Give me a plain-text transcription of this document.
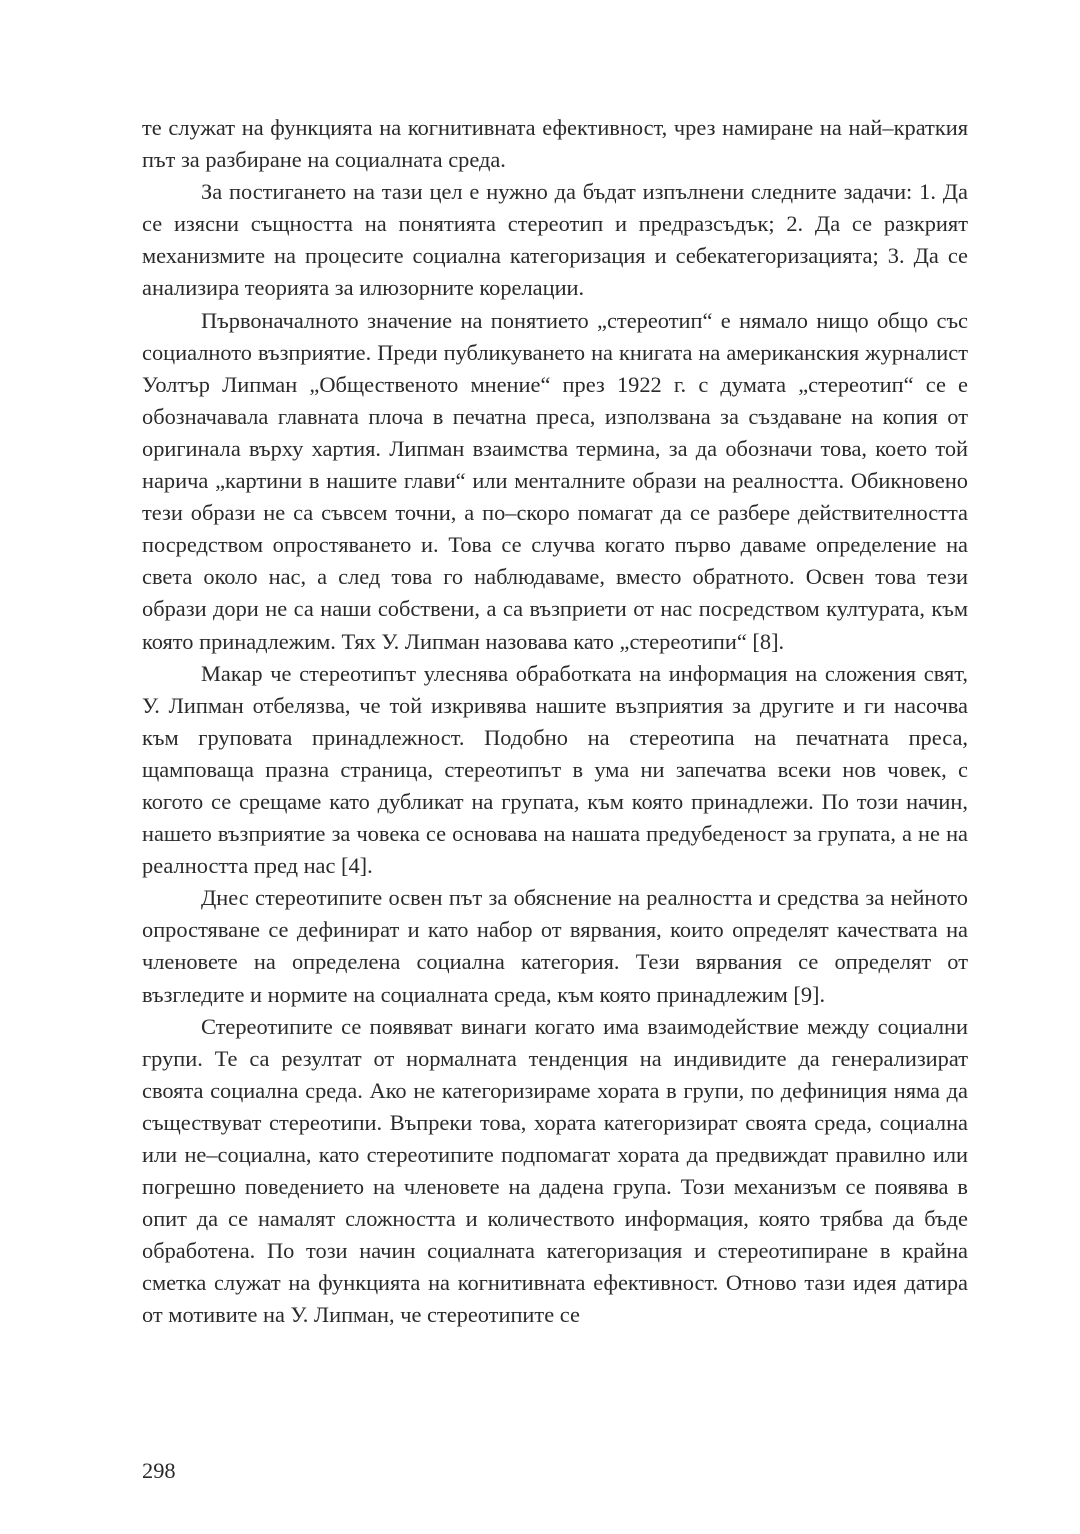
те служат на функцията на когнитивната ефективност, чрез намиране на най–краткия път за разбиране на социалната среда.

За постигането на тази цел е нужно да бъдат изпълнени следните задачи: 1. Да се изясни същността на понятията стереотип и предразсъдък; 2. Да се разкрият механизмите на процесите социална категоризация и себекатегоризацията; 3. Да се анализира теорията за илюзорните корелации.

Първоначалното значение на понятието „стереотип“ е нямало нищо общо със социалното възприятие. Преди публикуването на книгата на американския журналист Уолтър Липман „Общественото мнение“ през 1922 г. с думата „стереотип“ се е обозначавала главната плоча в печатна преса, използвана за създаване на копия от оригинала върху хартия. Липман взаимства термина, за да обозначи това, което той нарича „картини в нашите глави“ или менталните образи на реалността. Обикновено тези образи не са съвсем точни, а по–скоро помагат да се разбере действителността посредством опростяването и. Това се случва когато първо даваме определение на света около нас, а след това го наблюдаваме, вместо обратното. Освен това тези образи дори не са наши собствени, а са възприети от нас посредством културата, към която принадлежим. Тях У. Липман назовава като „стереотипи“ [8].

Макар че стереотипът улеснява обработката на информация на сложения свят, У. Липман отбелязва, че той изкривява нашите възприятия за другите и ги насочва към груповата принадлежност. Подобно на стереотипа на печатната преса, щамповаща празна страница, стереотипът в ума ни запечатва всеки нов човек, с когото се срещаме като дубликат на групата, към която принадлежи. По този начин, нашето възприятие за човека се основава на нашата предубеденост за групата, а не на реалността пред нас [4].

Днес стереотипите освен път за обяснение на реалността и средства за нейното опростяване се дефинират и като набор от вярвания, които определят качествата на членовете на определена социална категория. Тези вярвания се определят от възгледите и нормите на социалната среда, към която принадлежим [9].

Стереотипите се появяват винаги когато има взаимодействие между социални групи. Те са резултат от нормалната тенденция на индивидите да генерализират своята социална среда. Ако не категоризираме хората в групи, по дефиниция няма да съществуват стереотипи. Въпреки това, хората категоризират своята среда, социална или не–социална, като стереотипите подпомагат хората да предвиждат правилно или погрешно поведението на членовете на дадена група. Този механизъм се появява в опит да се намалят сложността и количеството информация, която трябва да бъде обработена. По този начин социалната категоризация и стереотипиране в крайна сметка служат на функцията на когнитивната ефективност. Отново тази идея датира от мотивите на У. Липман, че стереотипите се

298
